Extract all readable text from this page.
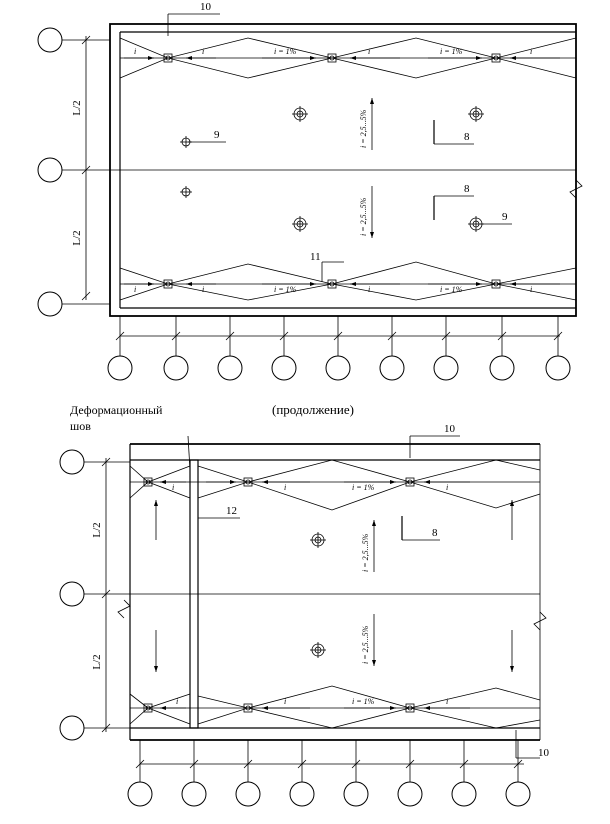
L/2
L/2
i	i	i = 1%	i	i = 1%	i
i	i	i = 1%	i	i = 1%	i
i = 2,5...5%
i = 2,5...5%
10
9	8
8
9
11
(продолжение)
Деформационный
шов
L/2
L/2
i	i	i = 1%	i
i	i	i = 1%	i
i = 2,5...5%
i = 2,5...5%
10
12
8
10
